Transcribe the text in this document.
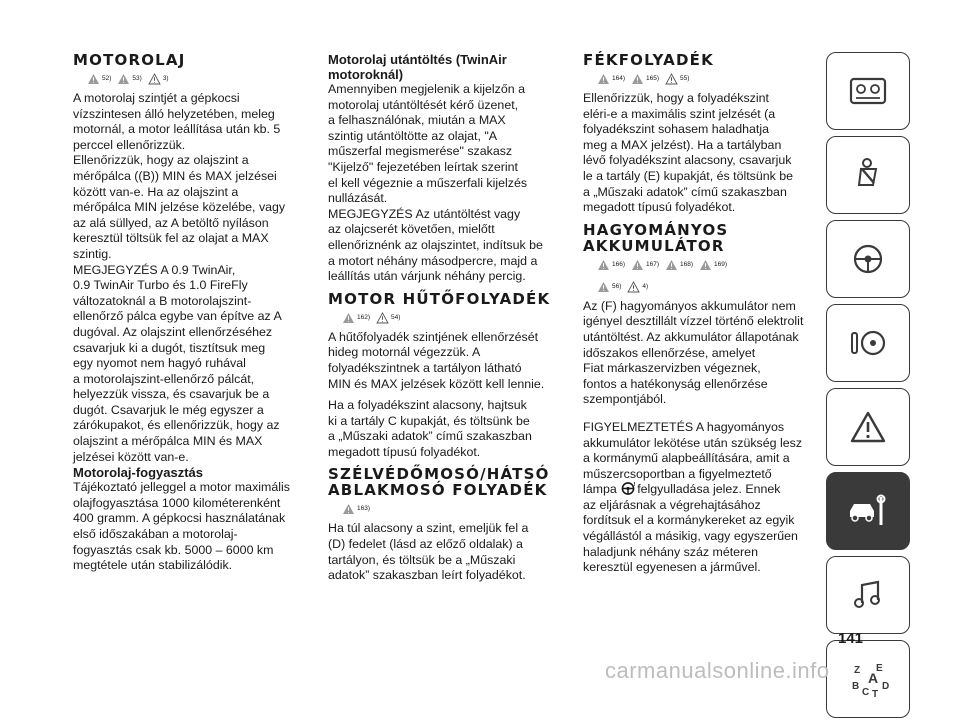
MOTOROLAJ
52)	53)	3)

A motorolaj szintjét a gépkocsi
vízszintesen álló helyzetében, meleg
motornál, a motor leállítása után kb. 5
perccel ellenőrizzük.

Ellenőrizzük, hogy az olajszint a
mérőpálca ((B)) MIN és MAX jelzései
között van-e. Ha az olajszint a
mérőpálca MIN jelzése közelébe, vagy
az alá süllyed, az A betöltő nyíláson
keresztül töltsük fel az olajat a MAX
szintig.

MEGJEGYZÉS A 0.9 TwinAir,
0.9 TwinAir Turbo és 1.0 FireFly
változatoknál a B motorolajszint-
ellenőrző pálca egybe van építve az A
dugóval. Az olajszint ellenőrzéséhez
csavarjuk ki a dugót, tisztítsuk meg
egy nyomot nem hagyó ruhával
a motorolajszint-ellenőrző pálcát,
helyezzük vissza, és csavarjuk be a
dugót. Csavarjuk le még egyszer a
zárókupakot, és ellenőrizzük, hogy az
olajszint a mérőpálca MIN és MAX
jelzései között van-e.

Motorolaj-fogyasztás

Tájékoztató jelleggel a motor maximális
olajfogyasztása 1000 kilométerenként
400 gramm. A gépkocsi használatának
első időszakában a motorolaj-
fogyasztás csak kb. 5000 – 6000 km
megtétele után stabilizálódik.

Motorolaj utántöltés (TwinAir
motoroknál)

Amennyiben megjelenik a kijelzőn a
motorolaj utántöltését kérő üzenet,
a felhasználónak, miután a MAX
szintig utántöltötte az olajat, "A
műszerfal megismerése" szakasz
"Kijelző" fejezetében leírtak szerint
el kell végeznie a műszerfali kijelzés
nullázását.

MEGJEGYZÉS Az utántöltést vagy
az olajcserét követően, mielőtt
ellenőriznénk az olajszintet, indítsuk be
a motort néhány másodpercre, majd a
leállítás után várjunk néhány percig.

MOTOR HŰTŐFOLYADÉK
162)	54)

A hűtőfolyadék szintjének ellenőrzését
hideg motornál végezzük. A
folyadékszintnek a tartályon látható
MIN és MAX jelzések között kell lennie.

Ha a folyadékszint alacsony, hajtsuk
ki a tartály C kupakját, és töltsünk be
a „Műszaki adatok” című szakaszban
megadott típusú folyadékot.

SZÉLVÉDŐMOSÓ/HÁTSÓ
ABLAKMOSÓ FOLYADÉK
163)

Ha túl alacsony a szint, emeljük fel a
(D) fedelet (lásd az előző oldalak) a
tartályon, és töltsük be a „Műszaki
adatok” szakaszban leírt folyadékot.

FÉKFOLYADÉK
164)	165)	55)

Ellenőrizzük, hogy a folyadékszint
eléri-e a maximális szint jelzését (a
folyadékszint sohasem haladhatja
meg a MAX jelzést). Ha a tartályban
lévő folyadékszint alacsony, csavarjuk
le a tartály (E) kupakját, és töltsünk be
a „Műszaki adatok” című szakaszban
megadott típusú folyadékot.

HAGYOMÁNYOS
AKKUMULÁTOR
166)	167)	168)	169)
56)	4)

Az (F) hagyományos akkumulátor nem
igényel desztillált vízzel történő elektrolit
utántöltést. Az akkumulátor állapotának
időszakos ellenőrzése, amelyet
Fiat márkaszervizben végeznek,
fontos a hatékonyság ellenőrzése
szempontjából.

FIGYELMEZTETÉS A hagyományos
akkumulátor lekötése után szükség lesz
a kormánymű alapbeállítására, amit a
műszercsoportban a figyelmeztető
lámpa	! felgyulladása jelez. Ennek
az eljárásnak a végrehajtásához
fordítsuk el a kormánykereket az egyik
végállástól a másikig, vagy egyszerűen
haladjunk néhány száz méteren
keresztül egyenesen a járművel.

Z E
B
A
C T
D
141
carmanualsonline.info
